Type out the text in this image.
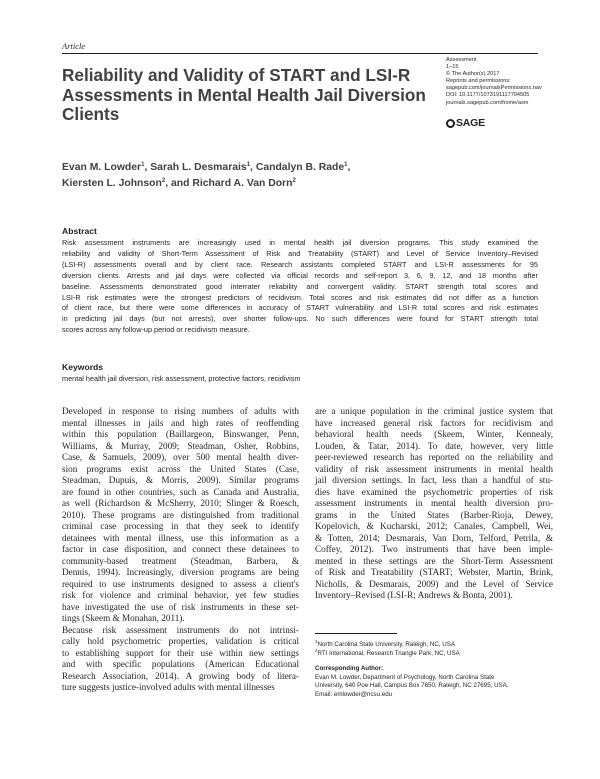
Article
Reliability and Validity of START and LSI-R
Assessments in Mental Health Jail Diversion
Clients
Assessment
1–15
© The Author(s) 2017
Reprints and permissions:
sagepub.com/journalsPermissions.nav
DOI: 10.1177/1073191117704505
journals.sagepub.com/home/asm
SAGE
Evan M. Lowder$^1$, Sarah L. Desmarais$^1$, Candalyn B. Rade$^1$,
Kiersten L. Johnson$^2$, and Richard A. Van Dorn$^2$
Abstract
Risk assessment instruments are increasingly used in mental health jail diversion programs. This study examined the
reliability and validity of Short-Term Assessment of Risk and Treatability (START) and Level of Service Inventory–Revised
(LSI-R) assessments overall and by client race. Research assistants completed START and LSI-R assessments for 95
diversion clients. Arrests and jail days were collected via official records and self-report 3, 6, 9, 12, and 18 months after
baseline. Assessments demonstrated good interrater reliability and convergent validity. START strength total scores and
LSI-R risk estimates were the strongest predictors of recidivism. Total scores and risk estimates did not differ as a function
of client race, but there were some differences in accuracy of START vulnerability and LSI-R total scores and risk estimates
in predicting jail days (but not arrests), over shorter follow-ups. No such differences were found for START strength total
scores across any follow-up period or recidivism measure.
Keywords
mental health jail diversion, risk assessment, protective factors, recidivism
Developed in response to rising numbers of adults with
mental illnesses in jails and high rates of reoffending
within this population (Baillargeon, Binswanger, Penn,
Williams, & Murray, 2009; Steadman, Osher, Robbins,
Case, & Samuels, 2009), over 500 mental health diver-
sion programs exist across the United States (Case,
Steadman, Dupuis, & Morris, 2009). Similar programs
are found in other countries, such as Canada and Australia,
as well (Richardson & McSherry, 2010; Slinger & Roesch,
2010). These programs are distinguished from traditional
criminal case processing in that they seek to identify
detainees with mental illness, use this information as a
factor in case disposition, and connect these detainees to
community-based treatment (Steadman, Barbera, &
Dennis, 1994). Increasingly, diversion programs are being
required to use instruments designed to assess a client's
risk for violence and criminal behavior, yet few studies
have investigated the use of risk instruments in these set-
tings (Skeem & Monahan, 2011).
Because risk assessment instruments do not intrinsi-
cally hold psychometric properties, validation is critical
to establishing support for their use within new settings
and with specific populations (American Educational
Research Association, 2014). A growing body of litera-
ture suggests justice-involved adults with mental illnesses
are a unique population in the criminal justice system that
have increased general risk factors for recidivism and
behavioral health needs (Skeem, Winter, Kennealy,
Louden, & Tatar, 2014). To date, however, very little
peer-reviewed research has reported on the reliability and
validity of risk assessment instruments in mental health
jail diversion settings. In fact, less than a handful of stu-
dies have examined the psychometric properties of risk
assessment instruments in mental health diversion pro-
grams in the United States (Barber-Rioja, Dewey,
Kopelovich, & Kucharski, 2012; Canales, Campbell, Wei,
& Totten, 2014; Desmarais, Van Dorn, Telford, Petrila, &
Coffey, 2012). Two instruments that have been imple-
mented in these settings are the Short-Term Assessment
of Risk and Treatability (START; Webster, Martin, Brink,
Nicholls, & Desmarais, 2009) and the Level of Service
Inventory–Revised (LSI-R; Andrews & Bonta, 2001).
$^1$North Carolina State University, Raleigh, NC, USA
$^2$RTI International, Research Triangle Park, NC, USA
Corresponding Author:
Evan M. Lowder, Department of Psychology, North Carolina State
University, 640 Poe Hall, Campus Box 7650, Raleigh, NC 27695, USA.
Email: emlowder@ncsu.edu
